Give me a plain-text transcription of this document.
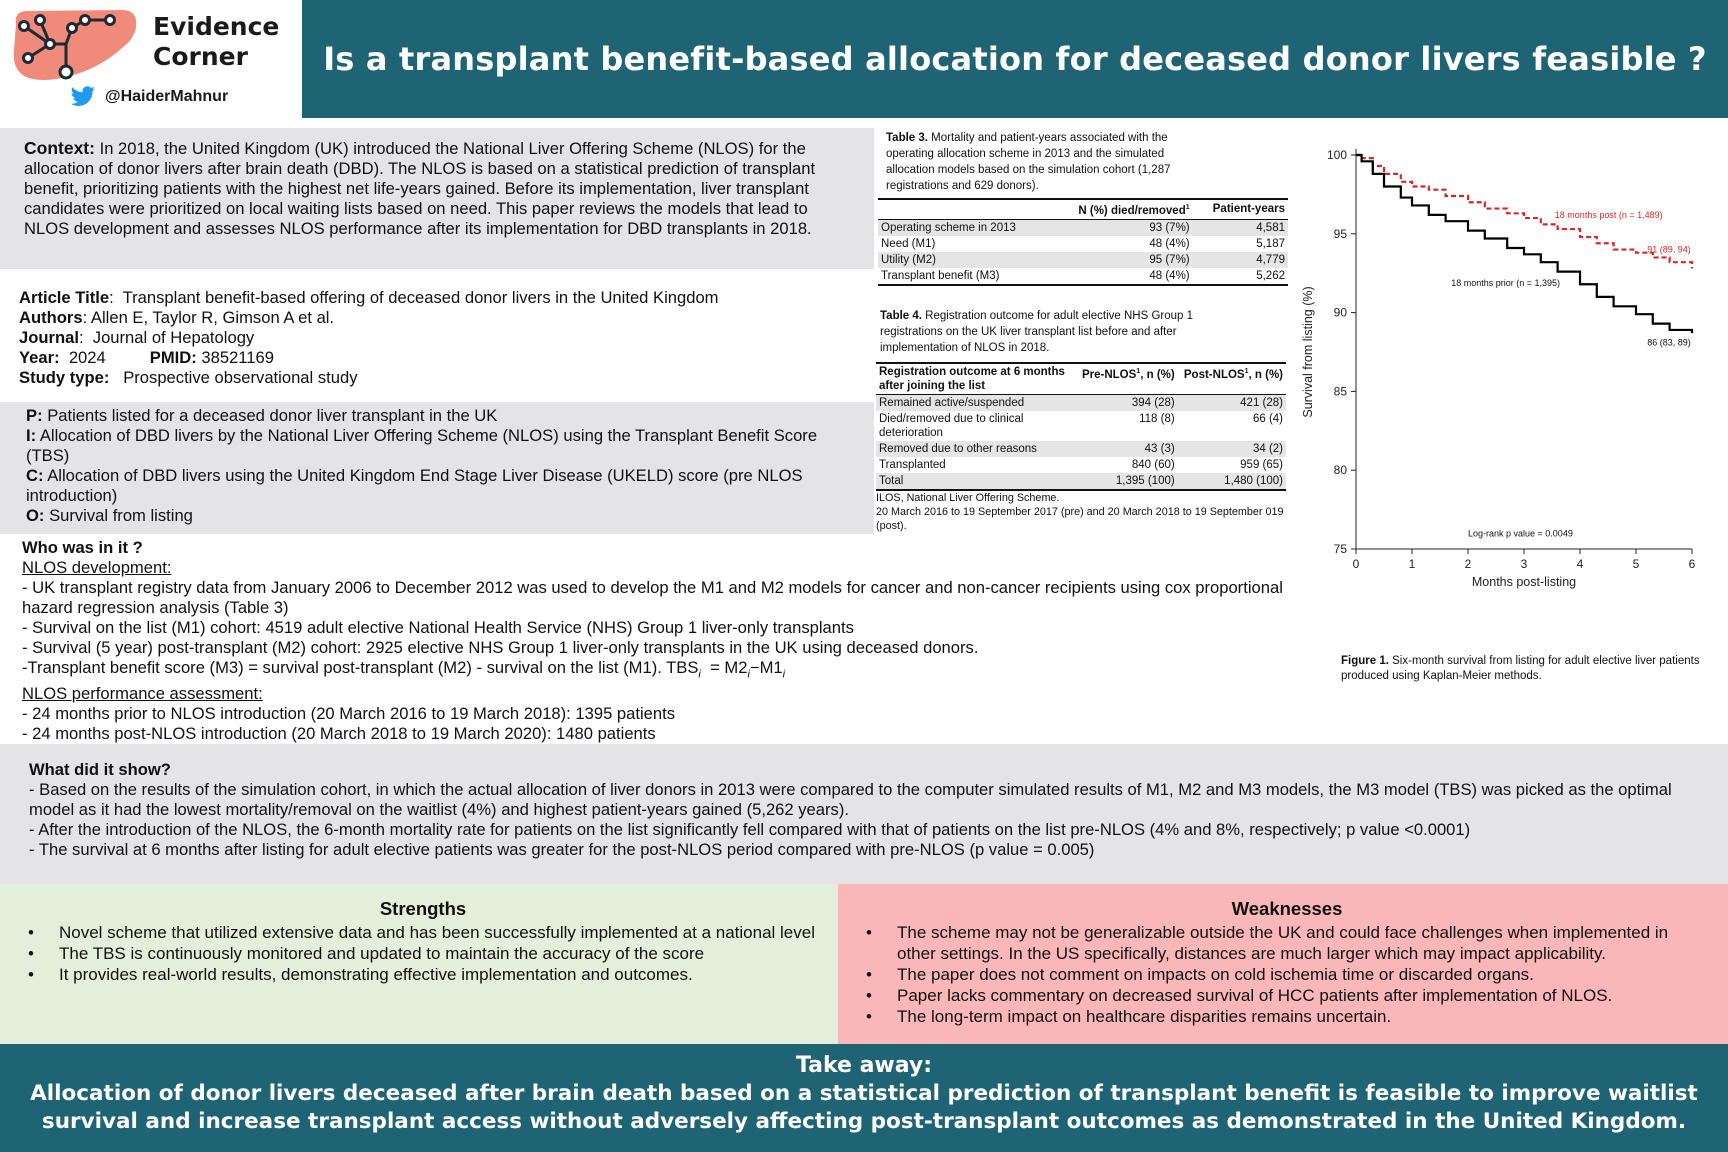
Evidence
Corner
@HaiderMahnur
Is a transplant benefit-based allocation for deceased donor livers feasible ?
Context: In 2018, the United Kingdom (UK) introduced the National Liver Offering Scheme (NLOS) for the allocation of donor livers after brain death (DBD). The NLOS is based on a statistical prediction of transplant benefit, prioritizing patients with the highest net life-years gained. Before its implementation, liver transplant candidates were prioritized on local waiting lists based on need. This paper reviews the models that lead to NLOS development and assesses NLOS performance after its implementation for DBD transplants in 2018.
Article Title:  Transplant benefit-based offering of deceased donor livers in the United Kingdom
Authors: Allen E, Taylor R, Gimson A et al.
Journal:  Journal of Hepatology
Year: 2024	PMID: 38521169
Study type: Prospective observational study
P: Patients listed for a deceased donor liver transplant in the UK
I: Allocation of DBD livers by the National Liver Offering Scheme (NLOS) using the Transplant Benefit Score (TBS)
C: Allocation of DBD livers using the United Kingdom End Stage Liver Disease (UKELD) score (pre NLOS introduction)
O: Survival from listing
Who was in it ?
NLOS development:
- UK transplant registry data from January 2006 to December 2012 was used to develop the M1 and M2 models for cancer and non-cancer recipients using cox proportional hazard regression analysis (Table 3)
- Survival on the list (M1) cohort: 4519 adult elective National Health Service (NHS) Group 1 liver-only transplants
- Survival (5 year) post-transplant (M2) cohort: 2925 elective NHS Group 1 liver-only transplants in the UK using deceased donors.
-Transplant benefit score (M3) = survival post-transplant (M2) - survival on the list (M1). $TBS_i = M2_i-M1_i$
NLOS performance assessment:
- 24 months prior to NLOS introduction (20 March 2016 to 19 March 2018): 1395 patients
- 24 months post-NLOS introduction (20 March 2018 to 19 March 2020): 1480 patients
Table 3. Mortality and patient-years associated with the operating allocation scheme in 2013 and the simulated allocation models based on the simulation cohort (1,287 registrations and 629 donors).
	N (%) died/removed$^1$	Patient-years
Operating scheme in 2013	93 (7%)	4,581
Need (M1)	48 (4%)	5,187
Utility (M2)	95 (7%)	4,779
Transplant benefit (M3)	48 (4%)	5,262
Table 4. Registration outcome for adult elective NHS Group 1 registrations on the UK liver transplant list before and after implementation of NLOS in 2018.
Registration outcome at 6 months after joining the list	Pre-NLOS$^1$, n (%)	Post-NLOS$^1$, n (%)
Remained active/suspended	394 (28)	421 (28)
Died/removed due to clinical deterioration	118 (8)	66 (4)
Removed due to other reasons	43 (3)	34 (2)
Transplanted	840 (60)	959 (65)
Total	1,395 (100)	1,480 (100)
ILOS, National Liver Offering Scheme.
20 March 2016 to 19 September 2017 (pre) and 20 March 2018 to 19 September 019 (post).
75
80
85
90
95
100
0	1	2	3	4	5	6
Months post-listing
Survival from listing (%)
18 months post (n = 1,489)
91 (89, 94)
18 months prior (n = 1,395)
86 (83, 89)
Log-rank p value = 0.0049
Figure 1. Six-month survival from listing for adult elective liver patients produced using Kaplan-Meier methods.
What did it show?
- Based on the results of the simulation cohort, in which the actual allocation of liver donors in 2013 were compared to the computer simulated results of M1, M2 and M3 models, the M3 model (TBS) was picked as the optimal model as it had the lowest mortality/removal on the waitlist (4%) and highest patient-years gained (5,262 years).
- After the introduction of the NLOS, the 6-month mortality rate for patients on the list significantly fell compared with that of patients on the list pre-NLOS (4% and 8%, respectively; p value <0.0001)
- The survival at 6 months after listing for adult elective patients was greater for the post-NLOS period compared with pre-NLOS (p value = 0.005)
Strengths
•	Novel scheme that utilized extensive data and has been successfully implemented at a national level
•	The TBS is continuously monitored and updated to maintain the accuracy of the score
•	It provides real-world results, demonstrating effective implementation and outcomes.
Weaknesses
•	The scheme may not be generalizable outside the UK and could face challenges when implemented in other settings. In the US specifically, distances are much larger which may impact applicability.
•	The paper does not comment on impacts on cold ischemia time or discarded organs.
•	Paper lacks commentary on decreased survival of HCC patients after implementation of NLOS.
•	The long-term impact on healthcare disparities remains uncertain.
Take away:
Allocation of donor livers deceased after brain death based on a statistical prediction of transplant benefit is feasible to improve waitlist survival and increase transplant access without adversely affecting post-transplant outcomes as demonstrated in the United Kingdom.
